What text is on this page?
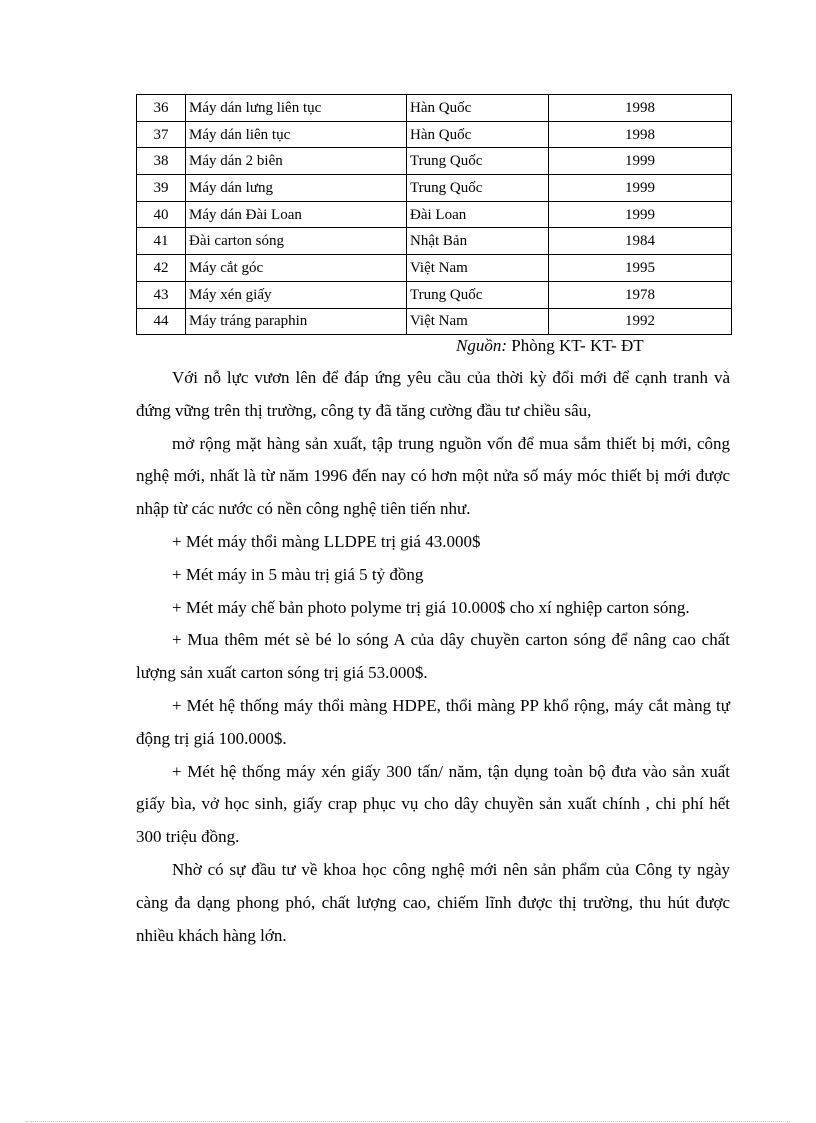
36	Máy dán lưng liên tục	Hàn Quốc	1998
37	Máy dán liên tục	Hàn Quốc	1998
38	Máy dán 2 biên	Trung Quốc	1999
39	Máy dán lưng	Trung Quốc	1999
40	Máy dán Đài Loan	Đài Loan	1999
41	Đài carton sóng	Nhật Bản	1984
42	Máy cắt góc	Việt Nam	1995
43	Máy xén giấy	Trung Quốc	1978
44	Máy tráng paraphin	Việt Nam	1992
Nguồn: Phòng KT- KT- ĐT

Với nỗ lực vươn lên để đáp ứng yêu cầu của thời kỳ đổi mới để cạnh tranh và đứng vững trên thị trường, công ty đã tăng cường đầu tư chiều sâu,

mở rộng mặt hàng sản xuất, tập trung nguồn vốn để mua sắm thiết bị mới, công nghệ mới, nhất là từ năm 1996 đến nay có hơn một nửa số máy móc thiết bị mới được nhập từ các nước có nền công nghệ tiên tiến như.

+ Mét máy thổi màng LLDPE trị giá 43.000$

+ Mét máy in 5 màu trị giá 5 tỷ đồng

+ Mét máy chế bản photo polyme trị giá 10.000$ cho xí nghiệp carton sóng.

+ Mua thêm mét sè bé lo sóng A của dây chuyền carton sóng để nâng cao chất lượng sản xuất carton sóng trị giá 53.000$.

+ Mét hệ thống máy thổi màng HDPE, thổi màng PP khổ rộng, máy cắt màng tự động trị giá 100.000$.

+ Mét hệ thống máy xén giấy 300 tấn/ năm, tận dụng toàn bộ đưa vào sản xuất giấy bìa, vở học sinh, giấy crap phục vụ cho dây chuyền sản xuất chính , chi phí hết 300 triệu đồng.

Nhờ có sự đầu tư về khoa học công nghệ mới nên sản phẩm của Công ty ngày càng đa dạng phong phó, chất lượng cao, chiếm lĩnh được thị trường, thu hút được nhiều khách hàng lớn.
